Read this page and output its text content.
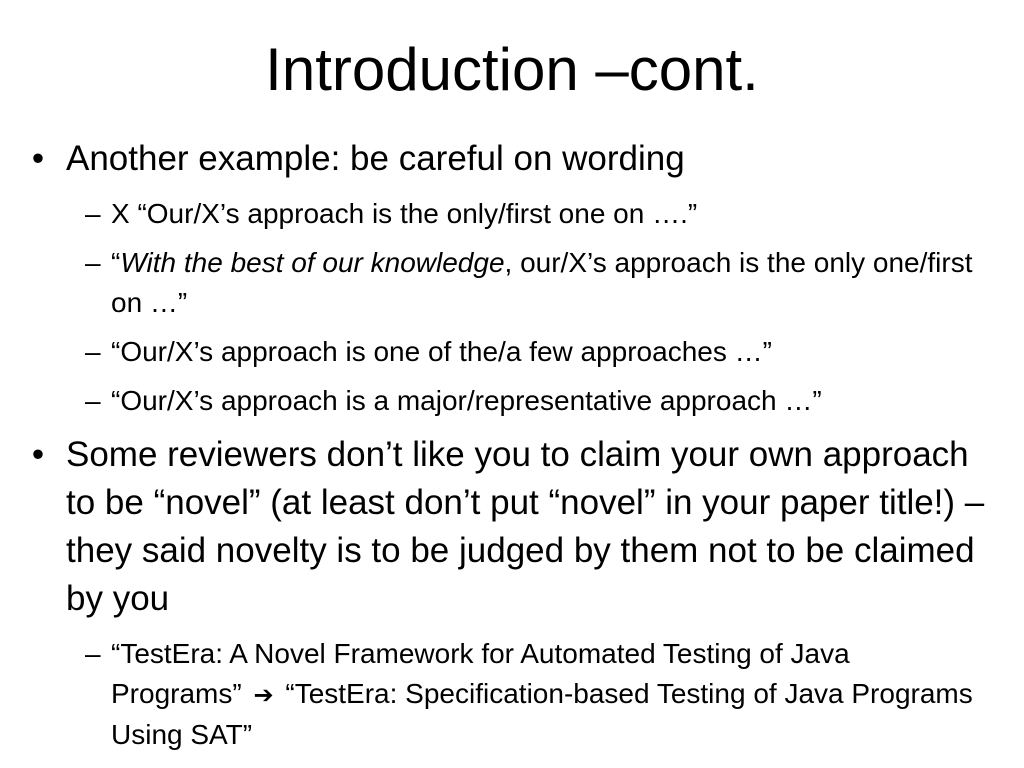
Introduction –cont.
• Another example: be careful on wording
– X “Our/X’s approach is the only/first one on ….”
– “With the best of our knowledge, our/X’s approach is the only one/first on …”
– “Our/X’s approach is one of the/a few approaches …”
– “Our/X’s approach is a major/representative approach …”
• Some reviewers don’t like you to claim your own approach to be “novel” (at least don’t put “novel” in your paper title!) – they said novelty is to be judged by them not to be claimed by you
– “TestEra: A Novel Framework for Automated Testing of Java Programs” ➔ “TestEra: Specification-based Testing of Java Programs Using SAT”
